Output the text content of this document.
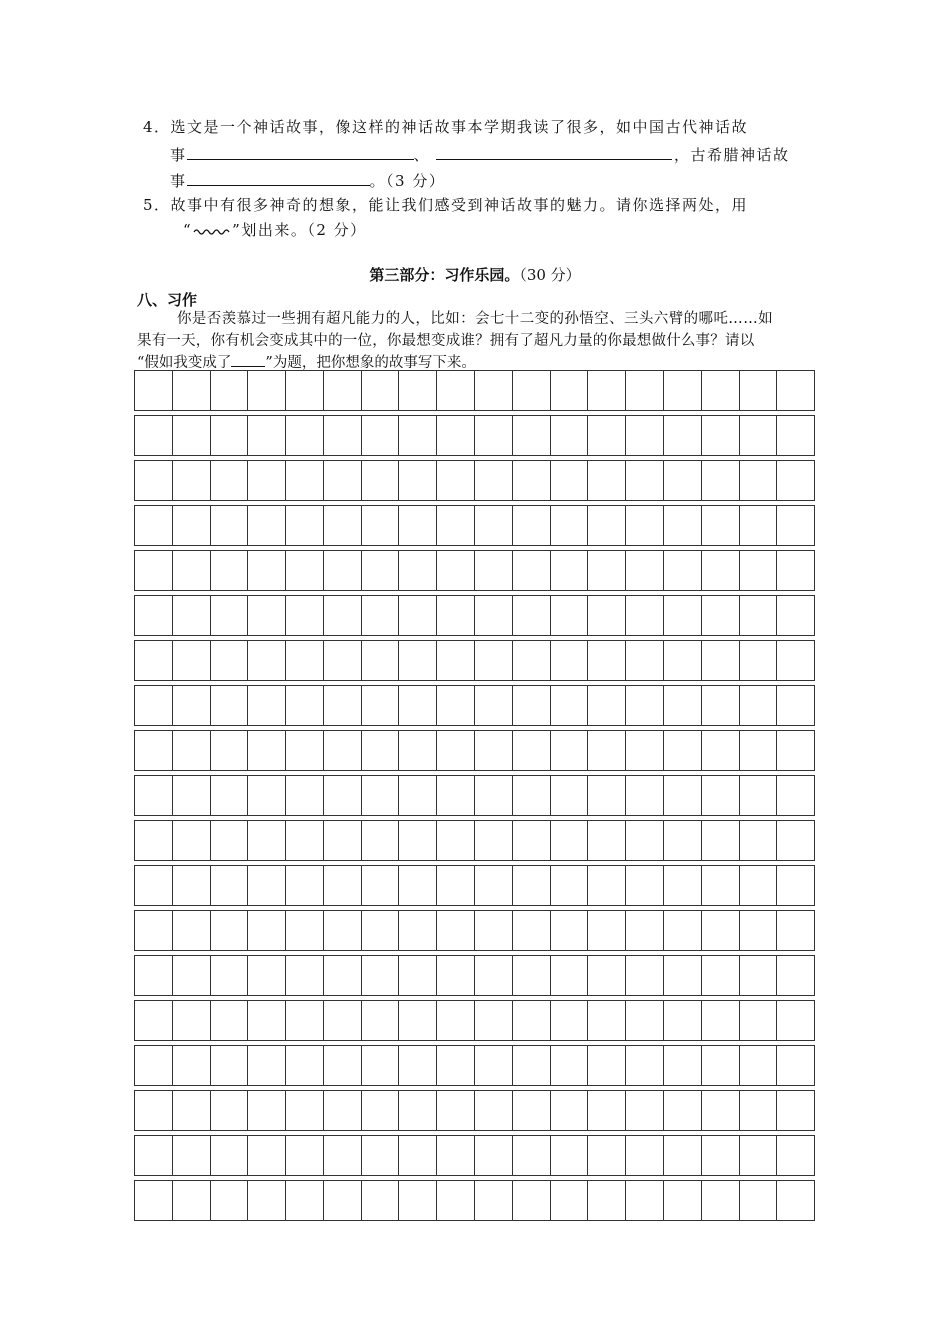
4．选文是一个神话故事，像这样的神话故事本学期我读了很多，如中国古代神话故
事	、	，古希腊神话故
事	。（3 分）
5．故事中有很多神奇的想象，能让我们感受到神话故事的魅力。请你选择两处，用
“	”划出来。（2 分）
第三部分：习作乐园。（30 分）
八、习作
你是否羡慕过一些拥有超凡能力的人，比如：会七十二变的孙悟空、三头六臂的哪吒……如
果有一天，你有机会变成其中的一位，你最想变成谁？拥有了超凡力量的你最想做什么事？请以
“假如我变成了 ”为题，把你想象的故事写下来。
